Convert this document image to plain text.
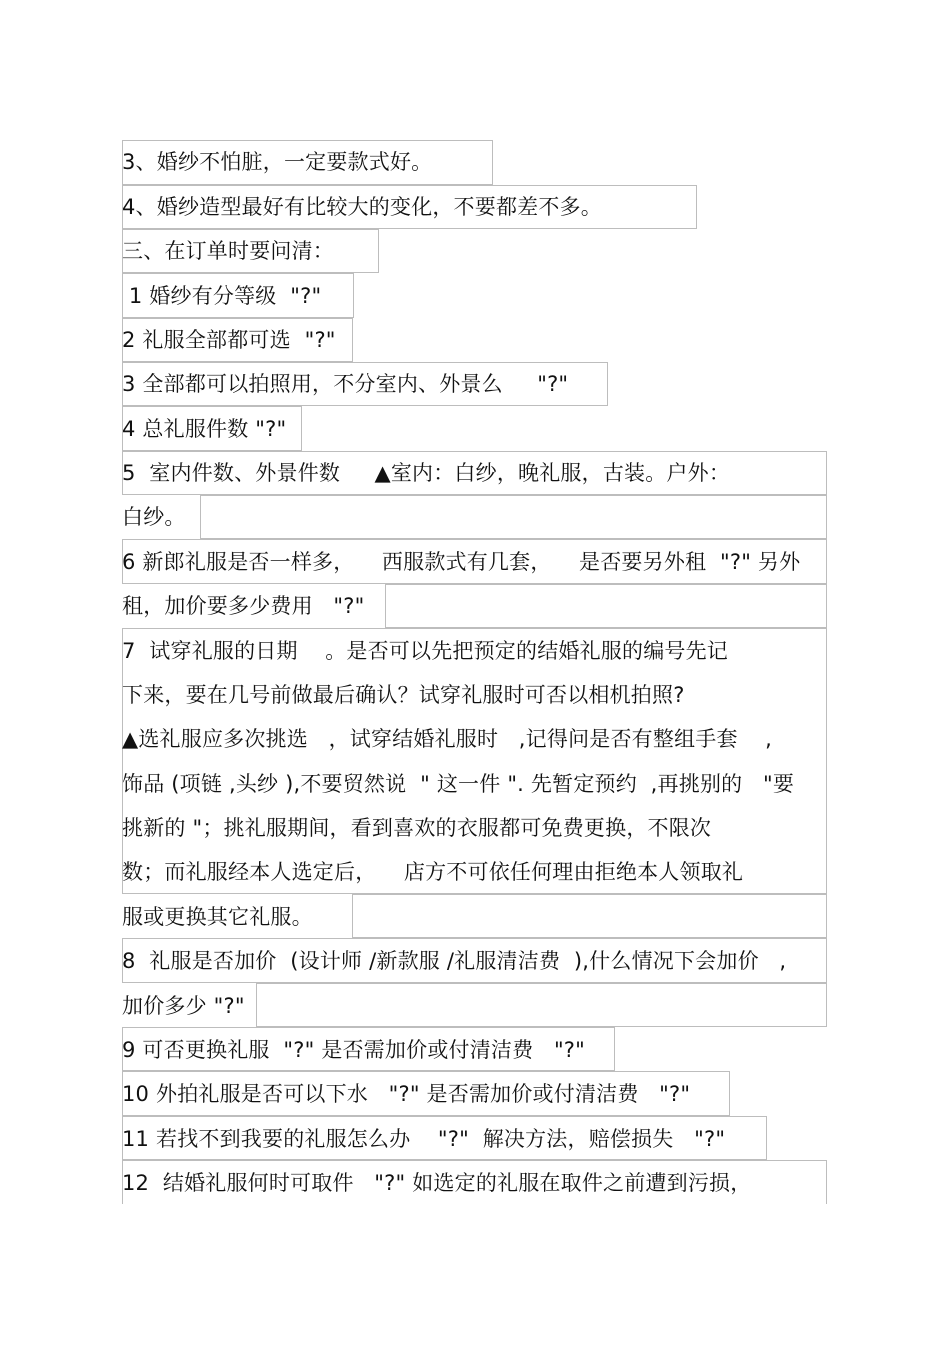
3、婚纱不怕脏，一定要款式好。
4、婚纱造型最好有比较大的变化，不要都差不多。
三、在订单时要问清：
1 婚纱有分等级  "?"
2 礼服全部都可选  "?"
3 全部都可以拍照用，不分室内、外景么     "?"
4 总礼服件数 "?"
5  室内件数、外景件数     ▲室内：白纱，晚礼服，古装。户外：
白纱。
6 新郎礼服是否一样多，    西服款式有几套，    是否要另外租  "?" 另外
租，加价要多少费用   "?"
7  试穿礼服的日期    。是否可以先把预定的结婚礼服的编号先记
下来，要在几号前做最后确认？试穿礼服时可否以相机拍照?
▲选礼服应多次挑选   ，试穿结婚礼服时   ,记得问是否有整组手套    ,
饰品 (项链 ,头纱 ),不要贸然说  " 这一件 ". 先暂定预约  ,再挑别的   "要
挑新的 "；挑礼服期间，看到喜欢的衣服都可免费更换，不限次
数；而礼服经本人选定后，    店方不可依任何理由拒绝本人领取礼
服或更换其它礼服。
8  礼服是否加价  (设计师 /新款服 /礼服清洁费  ),什么情况下会加价   ,
加价多少 "?"
9 可否更换礼服  "?" 是否需加价或付清洁费   "?"
10 外拍礼服是否可以下水   "?" 是否需加价或付清洁费   "?"
11 若找不到我要的礼服怎么办    "?"  解决方法，赔偿损失   "?"
12  结婚礼服何时可取件   "?" 如选定的礼服在取件之前遭到污损，
